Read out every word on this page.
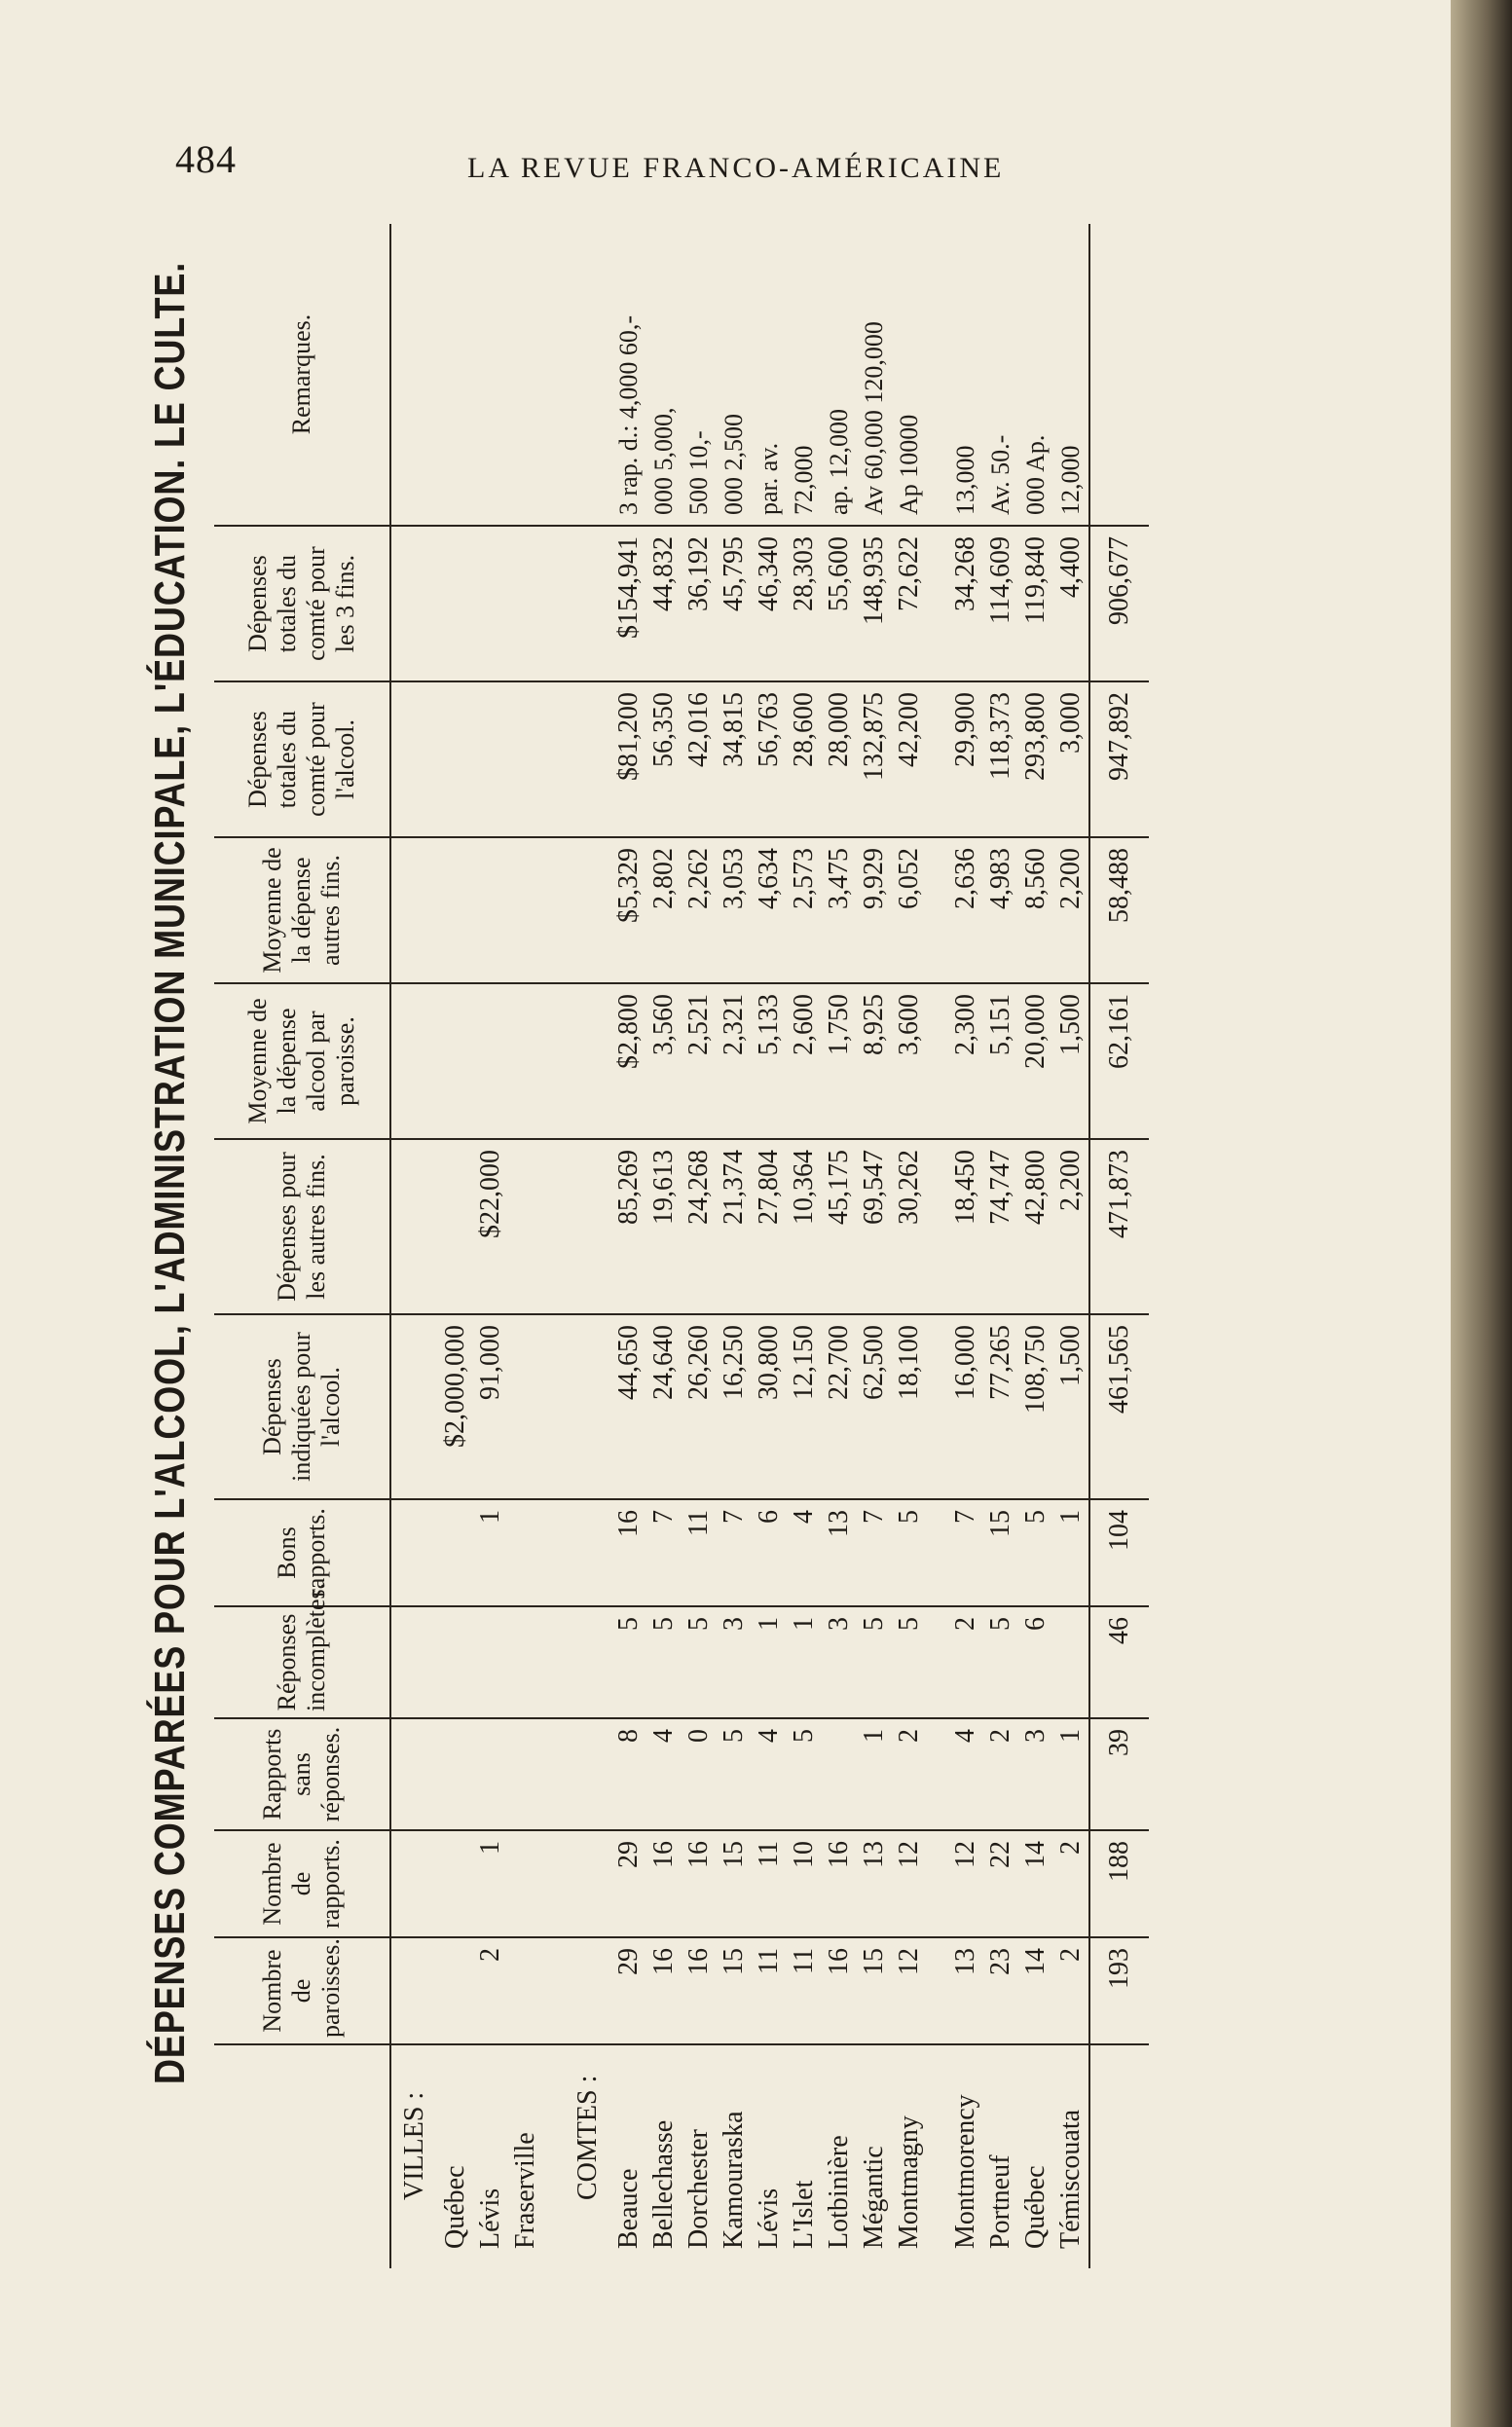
484	LA REVUE FRANCO-AMÉRICAINE
DÉPENSES COMPARÉES POUR L'ALCOOL, L'ADMINISTRATION MUNICIPALE, L'ÉDUCATION. LE CULTE.
		Nombre de paroisses.	Nombre de rapports.	Rapports sans réponses.	Réponses incomplètes.	Bons rapports.	Dépenses indiquées pour l'alcool.	Dépenses pour les autres fins.	Moyenne de la dépense alcool par paroisse.	Moyenne de la dépense autres fins.	Dépenses totales du comté pour l'alcool.	Dépenses totales du comté pour les 3 fins.	Remarques.
VILLES :												
Québec						$2,000,000						
Lévis	2	1			1	91,000	$22,000					
Fraserville												

COMTES :												
Beauce	29	29	8	5	16	44,650	85,269	$2,800	$5,329	$81,200	$154,941	3 rap. d.: 4,000 60,-
Bellechasse	16	16	4	5	7	24,640	19,613	3,560	2,802	56,350	44,832	000 5,000,
Dorchester	16	16	0	5	11	26,260	24,268	2,521	2,262	42,016	36,192	500 10,-
Kamouraska	15	15	5	3	7	16,250	21,374	2,321	3,053	34,815	45,795	000 2,500
Lévis	11	11	4	1	6	30,800	27,804	5,133	4,634	56,763	46,340	par. av.
L'Islet	11	10	5	1	4	12,150	10,364	2,600	2,573	28,600	28,303	72,000
Lotbinière	16	16		3	13	22,700	45,175	1,750	3,475	28,000	55,600	ap. 12,000
Mégantic	15	13	1	5	7	62,500	69,547	8,925	9,929	132,875	148,935	Av 60,000 120,000
Montmagny	12	12	2	5	5	18,100	30,262	3,600	6,052	42,200	72,622	Ap 10000

Montmorency	13	12	4	2	7	16,000	18,450	2,300	2,636	29,900	34,268	13,000
Portneuf	23	22	2	5	15	77,265	74,747	5,151	4,983	118,373	114,609	Av. 50.-
Québec	14	14	3	6	5	108,750	42,800	20,000	8,560	293,800	119,840	000 Ap.
Témiscouata	2	2	1		1	1,500	2,200	1,500	2,200	3,000	4,400	12,000
	193	188	39	46	104	461,565	471,873	62,161	58,488	947,892	906,677	
